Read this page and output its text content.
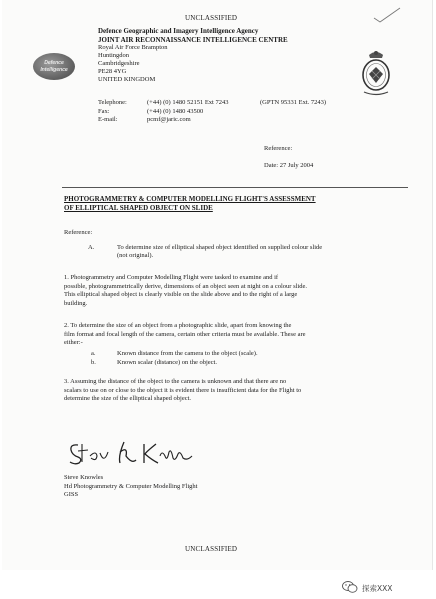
UNCLASSIFIED
Defence Geographic and Imagery Intelligence Agency
JOINT AIR RECONNAISSANCE INTELLIGENCE CENTRE
Royal Air Force Brampton
Huntingdon
Cambridgeshire
PE28 4YG
UNITED KINGDOM
Defence
Intelligence
Telephone:	(+44) (0) 1480 52151 Ext 7243	(GPTN 95331 Ext. 7243)
Fax:	(+44) (0) 1480 43500
E-mail:	pcmf@jaric.com
Reference:
Date: 27 July 2004
PHOTOGRAMMETRY & COMPUTER MODELLING FLIGHT'S ASSESSMENT
OF ELLIPTICAL SHAPED OBJECT ON SLIDE
Reference:
A.	To determine size of elliptical shaped object identified on supplied colour slide
(not original).
1. Photogrammetry and Computer Modelling Flight were tasked to examine and if
possible, photogrammetrically derive, dimensions of an object seen at night on a colour slide.
This elliptical shaped object is clearly visible on the slide above and to the right of a large
building.
2. To determine the size of an object from a photographic slide, apart from knowing the
film format and focal length of the camera, certain other criteria must be available. These are
either:-
a.	Known distance from the camera to the object (scale).
b.	Known scalar (distance) on the object.
3. Assuming the distance of the object to the camera is unknown and that there are no
scalars to use on or close to the object it is evident there is insufficient data for the Flight to
determine the size of the elliptical shaped object.
Steve Knowles
Hd Photogrammetry & Computer Modelling Flight
GISS
UNCLASSIFIED
探索XXX
